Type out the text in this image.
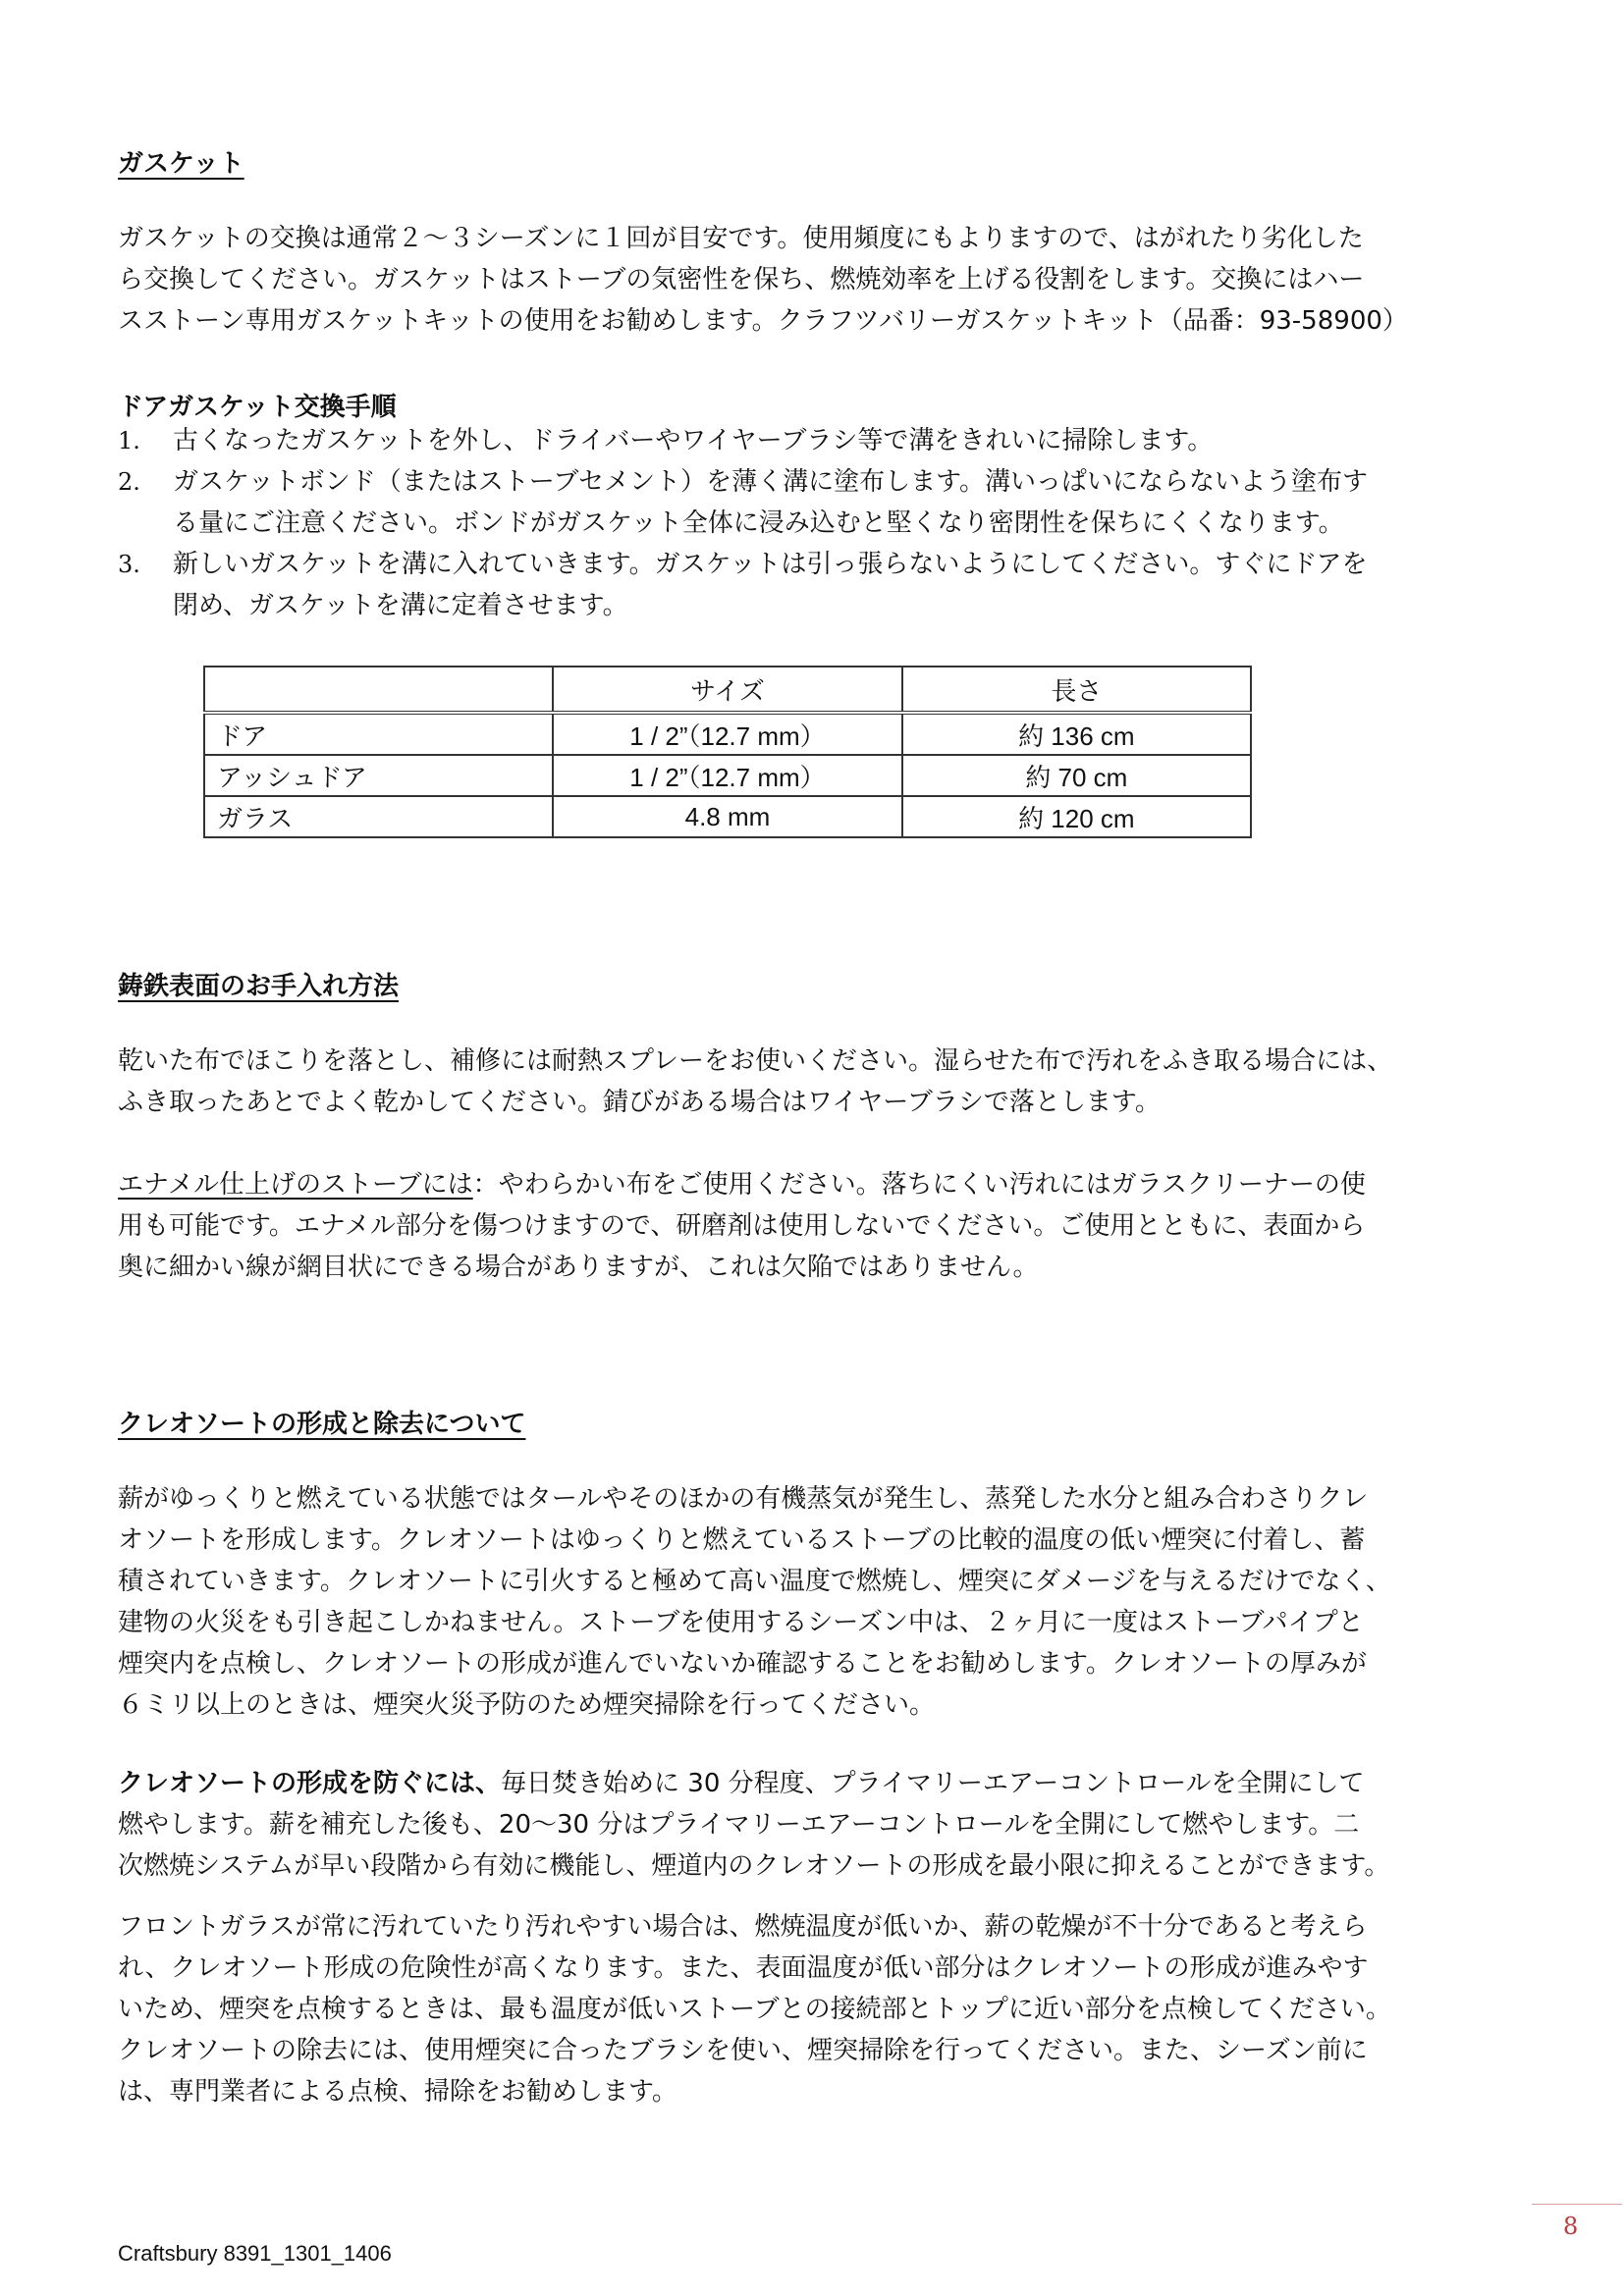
ガスケット
ガスケットの交換は通常２～３シーズンに１回が目安です。使用頻度にもよりますので、はがれたり劣化した
ら交換してください。ガスケットはストーブの気密性を保ち、燃焼効率を上げる役割をします。交換にはハー
スストーン専用ガスケットキットの使用をお勧めします。クラフツバリーガスケットキット（品番：93-58900）
ドアガスケット交換手順
1. 古くなったガスケットを外し、ドライバーやワイヤーブラシ等で溝をきれいに掃除します。
2. ガスケットボンド（またはストーブセメント）を薄く溝に塗布します。溝いっぱいにならないよう塗布す
る量にご注意ください。ボンドがガスケット全体に浸み込むと堅くなり密閉性を保ちにくくなります。
3. 新しいガスケットを溝に入れていきます。ガスケットは引っ張らないようにしてください。すぐにドアを
閉め、ガスケットを溝に定着させます。
	サイズ	長さ
ドア	1 / 2”（12.7 mm）	約 136 cm
アッシュドア	1 / 2”（12.7 mm）	約 70 cm
ガラス	4.8 mm	約 120 cm
鋳鉄表面のお手入れ方法
乾いた布でほこりを落とし、補修には耐熱スプレーをお使いください。湿らせた布で汚れをふき取る場合には、
ふき取ったあとでよく乾かしてください。錆びがある場合はワイヤーブラシで落とします。
エナメル仕上げのストーブには：やわらかい布をご使用ください。落ちにくい汚れにはガラスクリーナーの使
用も可能です。エナメル部分を傷つけますので、研磨剤は使用しないでください。ご使用とともに、表面から
奥に細かい線が網目状にできる場合がありますが、これは欠陥ではありません。
クレオソートの形成と除去について
薪がゆっくりと燃えている状態ではタールやそのほかの有機蒸気が発生し、蒸発した水分と組み合わさりクレ
オソートを形成します。クレオソートはゆっくりと燃えているストーブの比較的温度の低い煙突に付着し、蓄
積されていきます。クレオソートに引火すると極めて高い温度で燃焼し、煙突にダメージを与えるだけでなく、
建物の火災をも引き起こしかねません。ストーブを使用するシーズン中は、２ヶ月に一度はストーブパイプと
煙突内を点検し、クレオソートの形成が進んでいないか確認することをお勧めします。クレオソートの厚みが
６ミリ以上のときは、煙突火災予防のため煙突掃除を行ってください。
クレオソートの形成を防ぐには、毎日焚き始めに 30 分程度、プライマリーエアーコントロールを全開にして
燃やします。薪を補充した後も、20～30 分はプライマリーエアーコントロールを全開にして燃やします。二
次燃焼システムが早い段階から有効に機能し、煙道内のクレオソートの形成を最小限に抑えることができます。
フロントガラスが常に汚れていたり汚れやすい場合は、燃焼温度が低いか、薪の乾燥が不十分であると考えら
れ、クレオソート形成の危険性が高くなります。また、表面温度が低い部分はクレオソートの形成が進みやす
いため、煙突を点検するときは、最も温度が低いストーブとの接続部とトップに近い部分を点検してください。
クレオソートの除去には、使用煙突に合ったブラシを使い、煙突掃除を行ってください。また、シーズン前に
は、専門業者による点検、掃除をお勧めします。

8

Craftsbury 8391_1301_1406
